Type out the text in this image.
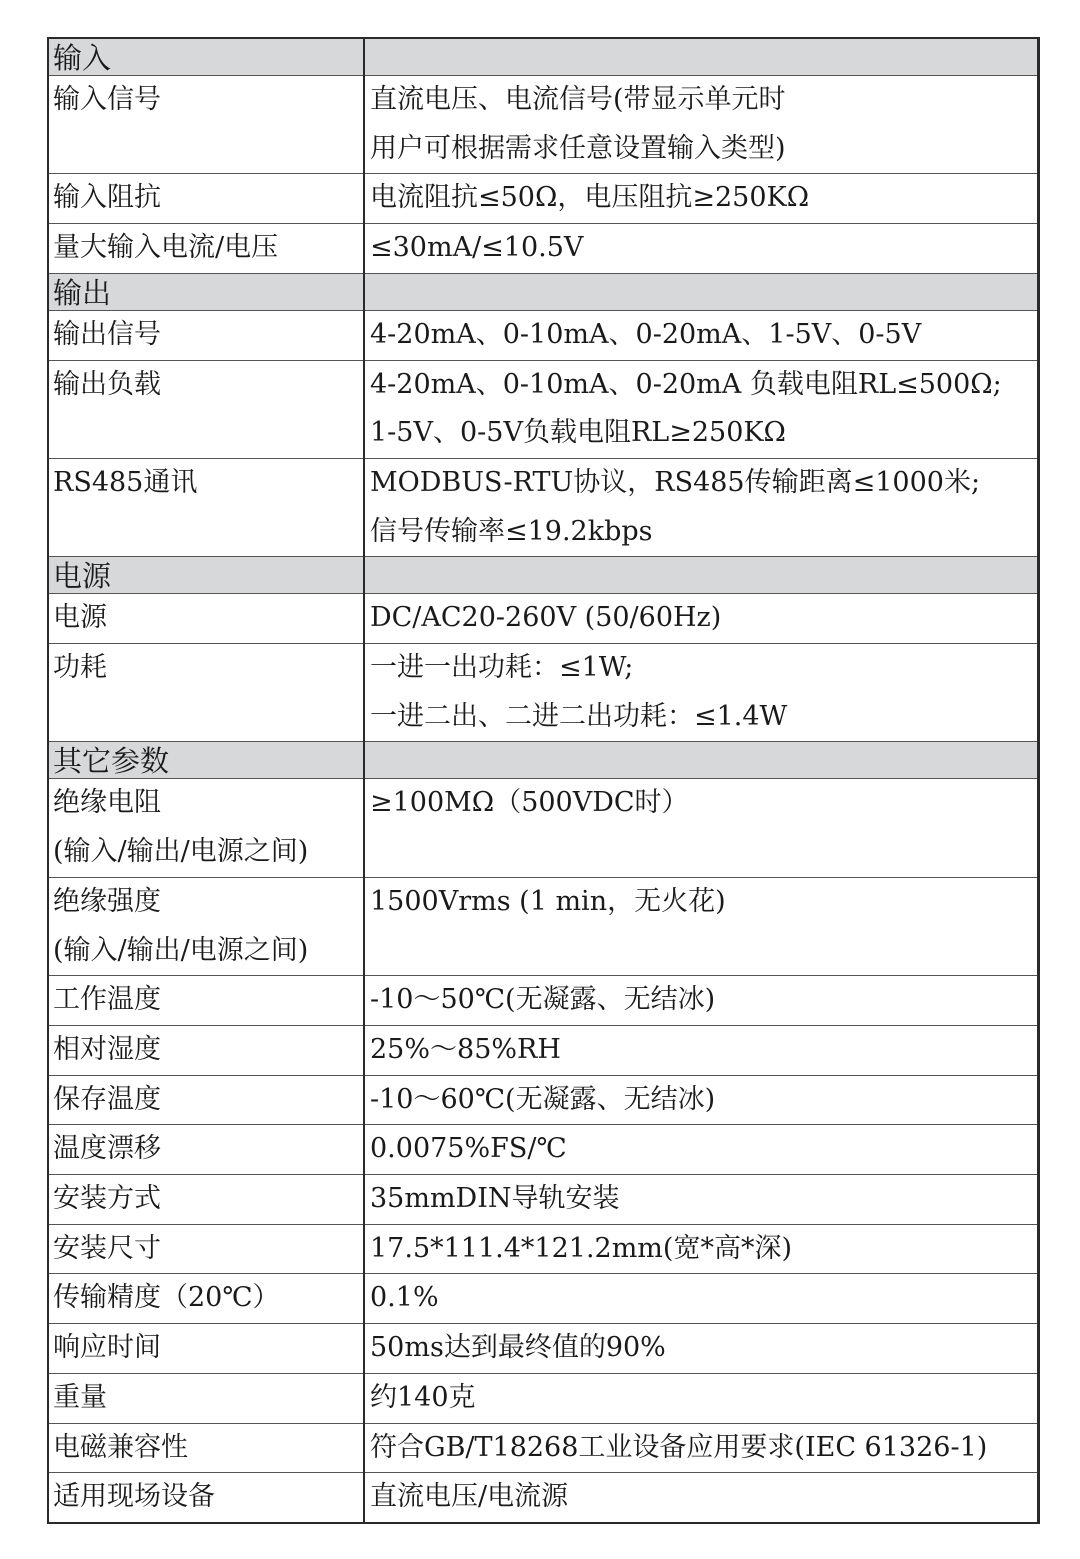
输入	

输入信号	直流电压、电流信号(带显示单元时
用户可根据需求任意设置输入类型)

输入阻抗	电流阻抗≤50Ω，电压阻抗≥250KΩ

量大输入电流/电压	≤30mA/≤10.5V

输出	

输出信号	4-20mA、0-10mA、0-20mA、1-5V、0-5V

输出负载	4-20mA、0-10mA、0-20mA 负载电阻RL≤500Ω;
1-5V、0-5V负载电阻RL≥250KΩ

RS485通讯	MODBUS-RTU协议，RS485传输距离≤1000米;
信号传输率≤19.2kbps

电源	

电源	DC/AC20-260V (50/60Hz)

功耗	一进一出功耗：≤1W;
一进二出、二进二出功耗：≤1.4W

其它参数	

绝缘电阻
(输入/输出/电源之间)	≥100MΩ（500VDC时）

绝缘强度
(输入/输出/电源之间)	1500Vrms (1 min，无火花)

工作温度	-10～50℃(无凝露、无结冰)

相对湿度	25%～85%RH

保存温度	-10～60℃(无凝露、无结冰)

温度漂移	0.0075%FS/℃

安装方式	35mmDIN导轨安装

安装尺寸	17.5*111.4*121.2mm(宽*高*深)

传输精度（20℃）	0.1%

响应时间	50ms达到最终值的90%

重量	约140克

电磁兼容性	符合GB/T18268工业设备应用要求(IEC 61326-1)

适用现场设备	直流电压/电流源
